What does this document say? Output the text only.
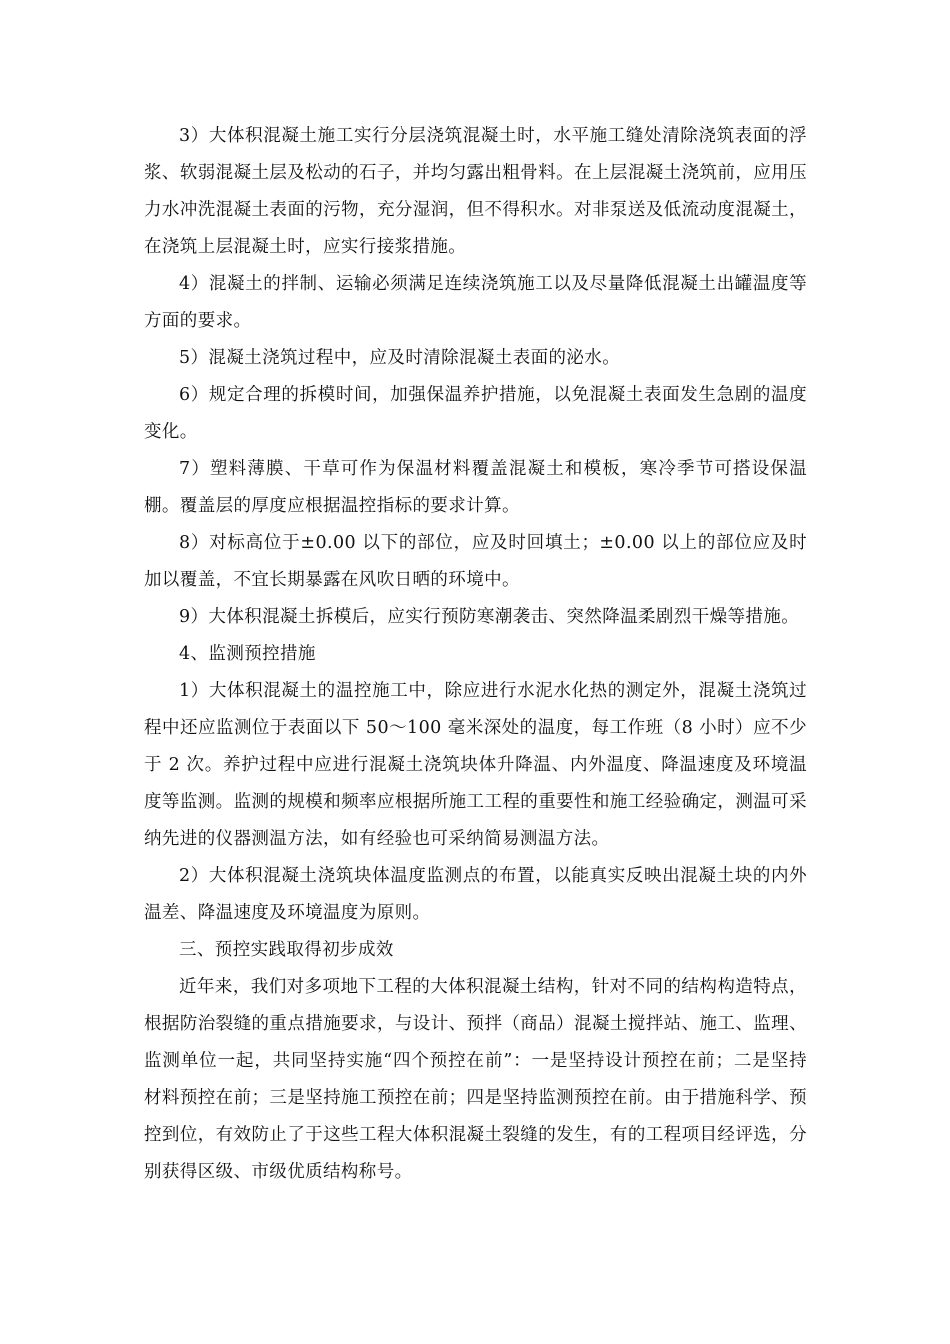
3）大体积混凝土施工实行分层浇筑混凝土时，水平施工缝处清除浇筑表面的浮浆、软弱混凝土层及松动的石子，并均匀露出粗骨料。在上层混凝土浇筑前，应用压力水冲洗混凝土表面的污物，充分湿润，但不得积水。对非泵送及低流动度混凝土，在浇筑上层混凝土时，应实行接浆措施。

4）混凝土的拌制、运输必须满足连续浇筑施工以及尽量降低混凝土出罐温度等方面的要求。

5）混凝土浇筑过程中，应及时清除混凝土表面的泌水。

6）规定合理的拆模时间，加强保温养护措施，以免混凝土表面发生急剧的温度变化。

7）塑料薄膜、干草可作为保温材料覆盖混凝土和模板，寒冷季节可搭设保温棚。覆盖层的厚度应根据温控指标的要求计算。

8）对标高位于±0.00 以下的部位，应及时回填土；±0.00 以上的部位应及时加以覆盖，不宜长期暴露在风吹日晒的环境中。

9）大体积混凝土拆模后，应实行预防寒潮袭击、突然降温柔剧烈干燥等措施。

4、监测预控措施

1）大体积混凝土的温控施工中，除应进行水泥水化热的测定外，混凝土浇筑过程中还应监测位于表面以下 50～100 毫米深处的温度，每工作班（8 小时）应不少于 2 次。养护过程中应进行混凝土浇筑块体升降温、内外温度、降温速度及环境温度等监测。监测的规模和频率应根据所施工工程的重要性和施工经验确定，测温可采纳先进的仪器测温方法，如有经验也可采纳简易测温方法。

2）大体积混凝土浇筑块体温度监测点的布置，以能真实反映出混凝土块的内外温差、降温速度及环境温度为原则。

三、预控实践取得初步成效

近年来，我们对多项地下工程的大体积混凝土结构，针对不同的结构构造特点，根据防治裂缝的重点措施要求，与设计、预拌（商品）混凝土搅拌站、施工、监理、监测单位一起，共同坚持实施“四个预控在前”：一是坚持设计预控在前；二是坚持材料预控在前；三是坚持施工预控在前；四是坚持监测预控在前。由于措施科学、预控到位，有效防止了于这些工程大体积混凝土裂缝的发生，有的工程项目经评选，分别获得区级、市级优质结构称号。
